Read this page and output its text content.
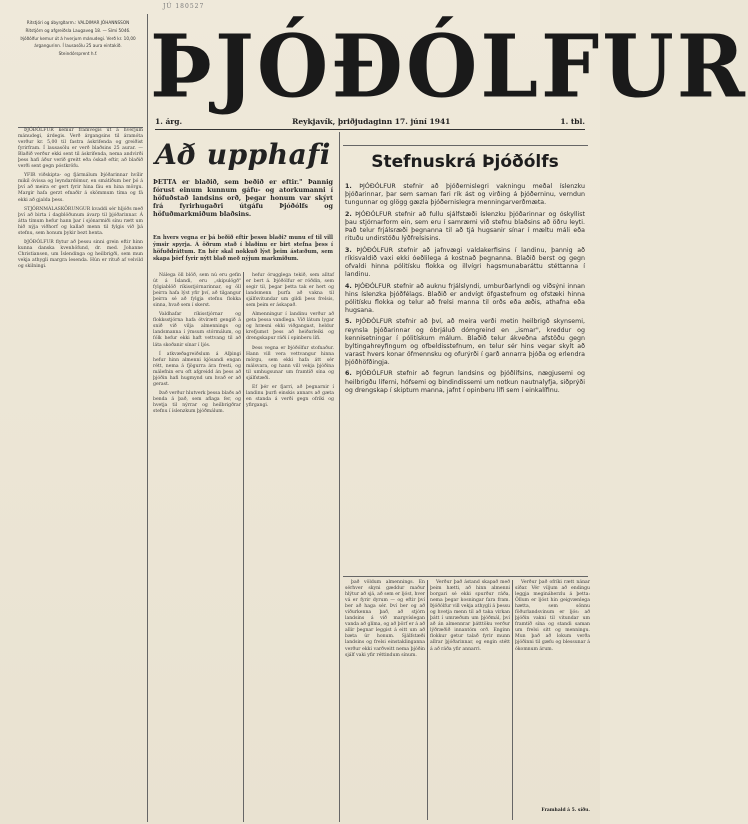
JÚ 180527

Ritstjóri og ábyrgðarm.: VALDIMAR JÓHANNSSON

Ritstjórn og afgreiðsla Laugaveg 18. — Sími 5046.

Þjóðólfur kemur út á hverjum mánudegi. Verð kr. 10,00 árgangurinn. Í lausasölu 25 aura eintakið.

Steindórsprent h.f. ÞJÓÐÓLFUR
1. árg.	Reykjavík, þriðjudaginn 17. júní 1941	1. tbl.

ÞJÓÐÓLFUR kemur framvegis út á hverjum mánudegi, árdegis. Verð árgangsins til áramóta verður kr. 5,00 til fastra áskrifenda og greiðist fyrirfram. Í lausasölu er verð blaðsins 25 aurar. — Blaðið verður ekki sent til áskrifenda, nema andvirði þess hafi áður verið greitt eða óskað eftir, að blaðið verði sent gegn póstkröfu.

YFIR viðskipta- og fjármálum Þjóðarinnar hvílir mikil óvissa og leyndardómur, en smátíðum ber þó á því að meira er gert fyrir hina fáu en hina mörgu. Margir hafa gerzt efnaðir á skömmum tíma og fá ekki að gjalda þess.

STJÓRNMÁLASKÖRUNGUR kvaddi sér hljóðs með því að birta í dagblöðunum ávarp til þjóðarinnar. Á átta tímum hefur hann þar í sjónarmiði sínu rætt um hið nýja viðhorf og kallað menn til fylgis við þá stefnu, sem honum þykir bezt henta.

ÞJÓÐÓLFUR flytur að þessu sinni grein eftir hinn kunna danska kvenhöfund, dr. med. Johanne Christiansen, um Íslendinga og heilbrigði, sem mun vekja athygli margra lesenda. Hún er rituð af velvild og skilningi.

Að upphafi
ÞETTA er blaðið, sem beðið er eftir." Þannig fórust einum kunnum gáfu- og atorkumanni í höfuðstað landsins orð, þegar honum var skýrt frá fyrirhugaðri útgáfu Þjóðólfs og höfuðmarkmiðum blaðsins.
En hvers vegna er þá beðið eftir þessu blaði? munu ef til vill ýmsir spyrja. Á öðrum stað í blaðinu er birt stefna þess í höfuðdráttum. En hér skal nokkuð lýst þeim ástæðum, sem skapa þörf fyrir nýtt blað með nýjum markmiðum.

Nálega öll blöð, sem nú eru gefin út á Íslandi, eru „skipulögð" fylgiablöð ríkisstjórnarinnar, og öll þeirra hafa lýst yfir því, að tilgangur þeirra sé að fylgja stefnu flokka sinna, hvað sem í skerst.

Valdhafar ríkisstjórnar og flokksstjórna hafa ótvírætt gengið á snið við vilja almennings og landsmanna í ýmsum stórmálum, og fólk hefur ekki haft vettvang til að láta skoðanir sínar í ljós.

Í atkvæðagreiðslum á Alþingi hefur hinn almenni kjósandi engan rétt, nema á fjögurra ára fresti, og málefnin eru oft afgreidd án þess að þjóðin hafi hugmynd um hvað er að gerast.

Það verður hlutverk þessa blaðs að benda á það, sem aflaga fer, og hvetja til nýrrar og heilbrigðrar stefnu í íslenzkum þjóðmálum.

hefur órugglega tekið, sem alltaf er bert á. Þjóðólfur er róðdin, sem segir til, þegar þetta tak er hert og landsmenn þurfa að vakna til sjálfsvitundar um gildi þess frelsis, sem þeim er áskapað.

Almenningur í landinu verður að geta þessa vandlega. Við látum lygar og hræsni ekki viðgangast, heldur krefjumst þess að heiðarleiki og drengskapur ráði í opinberu lífi.

Þess vegna er Þjóðólfur stofnaður. Hann vill vera vettvangur hinna mörgu, sem ekki hafa átt sér málsvara, og hann vill vekja þjóðina til umhugsunar um framtíð sína og sjálfstæði.

Ef þér er fjarri, að þegnarnir í landinu þurfi einskis annars að gæta en standa á verði gegn ofríki og yfirgangi.

Stefnuskrá Þjóðólfs

1. ÞJÓÐÓLFUR stefnir að þjóðernislegri vakningu meðal íslenzku þjóðarinnar, þar sem saman fari rík ást og virðing á þjóðerninu, verndun tungunnar og glögg gæzla þjóðernislegra menningarverðmæta.

2. ÞJÓÐÓLFUR stefnir að fullu sjálfstæði íslenzku þjóðarinnar og óskyllist þau stjórnarform ein, sem eru í samræmi við stefnu blaðsins að öðru leyti. Það telur frjálsræði þegnanna til að tjá hugsanir sínar í mæltu máli eða rituðu undirstöðu lýðfrelsisins.

3. ÞJÓÐÓLFUR stefnir að jafnvægi valdakerfisins í landinu, þannig að ríkisvaldið vaxi ekki óeðlilega á kostnað þegnanna. Blaðið berst og gegn ofvaldi hinna pólitísku flokka og illvígri hagsmunabaráttu stéttanna í landinu.

4. ÞJÓÐÓLFUR stefnir að auknu frjálslyndi, umburðarlyndi og víðsýni innan hins íslenzka þjóðfélags. Blaðið er andvígt öfgastefnum og ofstæki hinna pólitísku flokka og telur að frelsi manna til orðs eða æðis, athafna eða hugsana.

5. ÞJÓÐÓLFUR stefnir að því, að meira verði metin heilbrigð skynsemi, reynsla þjóðarinnar og óbrjáluð dómgreind en „ismar", kreddur og kennisetningar í pólitískum málum. Blaðið telur ákveðna afstöðu gegn byltingahreyfingum og ofbeldisstefnum, en telur sér hins vegar skylt að varast hvers konar öfmennsku og ofurýrði í garð annarra þjóða og erlendra þjóðhöfðingja.

6. ÞJÓÐÓLFUR stefnir að fegrun landsins og þjóðlífsins, nægjusemi og heilbrigðu líferni, hófsemi og bindindissemi um notkun nautnalyfja, siðprýði og drengskap í skiptum manna, jafnt í opinberu lífi sem í einkalífinu.

það völdum almennings. En sérhver skyni gæddur maður hlýtur að sjá, að sem er ljóst, hver vá er fyrir dyrum — og eftir því ber að haga sér. Því ber og að viðurkenna það, að stjórn landsins á við margvíslegan vanda að glíma, og að þörf er á að allir þegnar leggist á eitt um að bæta úr honum. Sjálfstæði landsins og frelsi einstaklinganna verður ekki varðveitt nema þjóðin sjálf vaki yfir réttindum sínum.

Verður það ástand skapað með þeim hætti, að hinn almenni borgari sé ekki spurður ráða, nema þegar kosningar fara fram. Þjóðólfur vill vekja athygli á þessu og hvetja menn til að taka virkan þátt í umræðum um þjóðmál, því að án almennrar þátttöku verður lýðræðið innantóm orð. Enginn flokkur getur talað fyrir munn allrar þjóðarinnar, og engin stétt á að ráða yfir annarri.

Verður það ofríki rætt nánar síðar. Vér viljum að endingu leggja megináherzlu á þetta: Öllum er ljóst hin geigvænlega hætta, sem sönnu föðurlandsvinum er ljós: að þjóðin vakni til vitundar um framtíð sína og standi saman um frelsi sitt og menningu. Mun það að lokum verða þjóðinni til gæfu og blessunar á ókomnum árum.

Framhald á 5. síðu.
